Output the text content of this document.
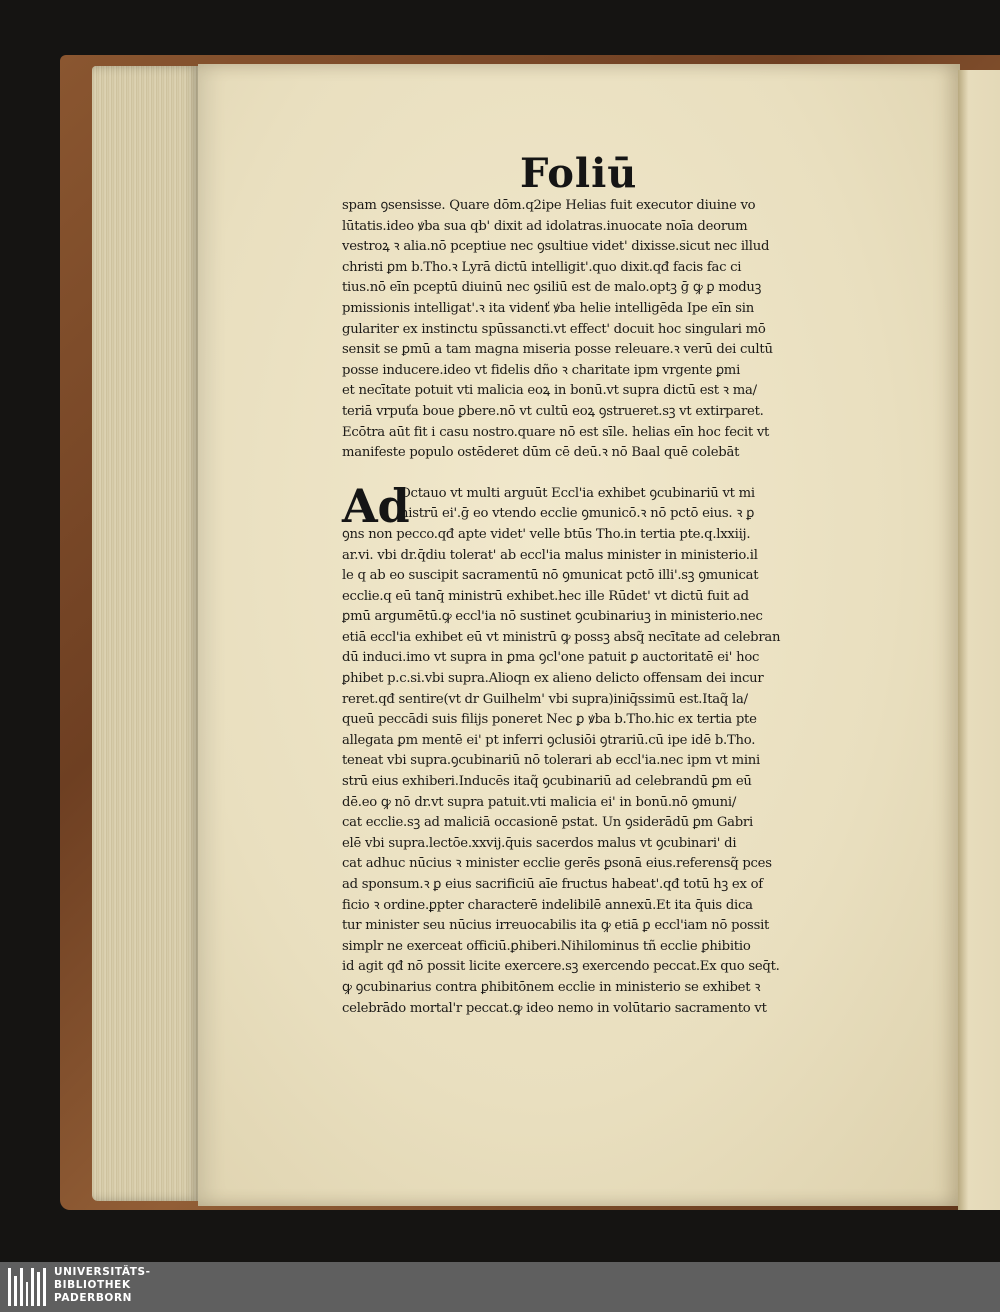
Foliū
spam ꝯsensisse. Quare dōm.q2ipe Helias fuit executor diuine vo
lūtatis.ideo ꝟba sua qb' dixit ad idolatras.inuocate noīa deorum
vestroꝝ ꝛ alia.nō pceptiue nec ꝯsultiue videt' dixisse.sicut nec illud
christi ꝑm b.Tho.ꝛ Lyrā dictū intelligit'.quo dixit.qđ facis fac ci
tius.nō eīn pceptū diuinū nec ꝯsiliū est de malo.optꝫ ḡ ꝙ ꝑ moduꝫ
pmissionis intelligat'.ꝛ ita videnť ꝟba helie intelligēda Ipe eīn sin
gulariter ex instinctu spūssancti.vt effect' docuit hoc singulari mō
sensit se ꝑmū a tam magna miseria posse releuare.ꝛ verū dei cultū
posse inducere.ideo vt fidelis dño ꝛ charitate ipm vrgente ꝑmi
et necītate potuit vti malicia eoꝝ in bonū.vt supra dictū est ꝛ ma/
teriā vrpuťa boue ꝑbere.nō vt cultū eoꝝ ꝯstrueret.sꝫ vt extirparet.
Ecōtra aūt fit i casu nostro.quare nō est sīle. helias eīn hoc fecit vt
manifeste populo ostēderet dūm cē deū.ꝛ nō Baal quē colebāt
Ad
Octauo vt multi arguūt Eccl'ia exhibet ꝯcubinariū vt mi
nistrū ei'.ḡ eo vtendo ecclie ꝯmunicō.ꝛ nō pctō eius. ꝛ ꝑ
ꝯns non pecco.qđ apte videt' velle btūs Tho.in tertia pte.q.lxxiij.
ar.vi. vbi dr.q̄diu tolerat' ab eccl'ia malus minister in ministerio.il
le q ab eo suscipit sacramentū nō ꝯmunicat pctō illi'.sꝫ ꝯmunicat
ecclie.q eū tanq̄ ministrū exhibet.hec ille Rūdet' vt dictū fuit ad
ꝑmū argumētū.ꝙ eccl'ia nō sustinet ꝯcubinariuꝫ in ministerio.nec
etiā eccl'ia exhibet eū vt ministrū ꝙ possꝫ absq̃ necītate ad celebran
dū induci.imo vt supra in ꝑma ꝯcl'one patuit ꝑ auctoritatē ei' hoc
ꝑhibet p.c.si.vbi supra.Alioqn ex alieno delicto offensam dei incur
reret.qđ sentire(vt dr Guilhelm' vbi supra)iniq̄ssimū est.Itaq̃ la/
queū peccādi suis filijs poneret Nec ꝑ ꝟba b.Tho.hic ex tertia pte
allegata ꝑm mentē ei' pt inferri ꝯclusiōi ꝯtrariū.cū ipe idē b.Tho.
teneat vbi supra.ꝯcubinariū nō tolerari ab eccl'ia.nec ipm vt mini
strū eius exhiberi.Inducēs itaq̃ ꝯcubinariū ad celebrandū ꝑm eū
dē.eo ꝙ nō dr.vt supra patuit.vti malicia ei' in bonū.nō ꝯmuni/
cat ecclie.sꝫ ad maliciā occasionē pstat. Un ꝯsiderādū ꝑm Gabri
elē vbi supra.lectōe.xxvij.q̄uis sacerdos malus vt ꝯcubinari' di
cat adhuc nūcius ꝛ minister ecclie gerēs ꝑsonā eius.referensq̃ pces
ad sponsum.ꝛ ꝑ eius sacrificiū aīe fructus habeat'.qđ totū hꝫ ex of
ficio ꝛ ordine.ꝑpter characterē indelibilē annexū.Et ita q̄uis dica
tur minister seu nūcius irreuocabilis ita ꝙ etiā ꝑ eccl'iam nō possit
simplr ne exerceat officiū.ꝑhiberi.Nihilominus tñ ecclie ꝑhibitio
id agit qđ nō possit licite exercere.sꝫ exercendo peccat.Ex quo seq̄t.
ꝙ ꝯcubinarius contra ꝑhibitōnem ecclie in ministerio se exhibet ꝛ
celebrādo mortal'r peccat.ꝙ ideo nemo in volūtario sacramento vt
UNIVERSITÄTS-
BIBLIOTHEK
PADERBORN
